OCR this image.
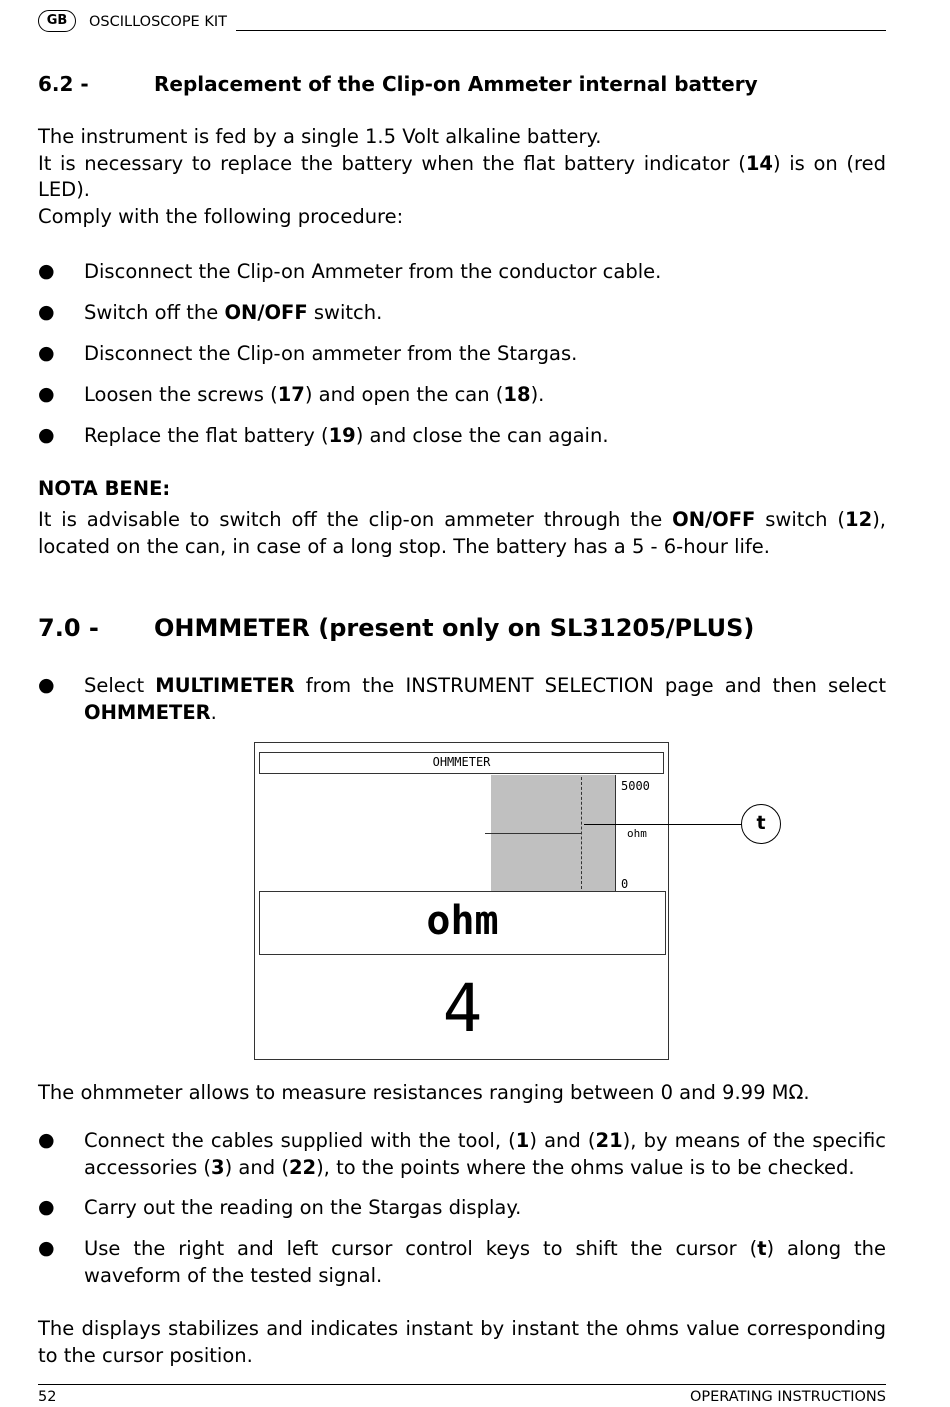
GB	OSCILLOSCOPE KIT
6.2 -	Replacement of the Clip-on Ammeter internal battery
The instrument is fed by a single 1.5 Volt alkaline battery.
It is necessary to replace the battery when the flat battery indicator (14) is on (red LED).
Comply with the following procedure:
● Disconnect the Clip-on Ammeter from the conductor cable.
● Switch off the ON/OFF switch.
● Disconnect the Clip-on ammeter from the Stargas.
● Loosen the screws (17) and open the can (18).
● Replace the flat battery (19) and close the can again.
NOTA BENE:
It is advisable to switch off the clip-on ammeter through the ON/OFF switch (12), located on the can, in case of a long stop. The battery has a 5 - 6-hour life.
7.0 - OHMMETER (present only on SL31205/PLUS)
● Select MULTIMETER from the INSTRUMENT SELECTION page and then select OHMMETER.
OHMMETER
5000
ohm
0
ohm
4
t
The ohmmeter allows to measure resistances ranging between 0 and 9.99 MΩ.
● Connect the cables supplied with the tool, (1) and (21), by means of the specific accessories (3) and (22), to the points where the ohms value is to be checked.
● Carry out the reading on the Stargas display.
● Use the right and left cursor control keys to shift the cursor (t) along the waveform of the tested signal.
The displays stabilizes and indicates instant by instant the ohms value corresponding to the cursor position.
52	OPERATING INSTRUCTIONS
